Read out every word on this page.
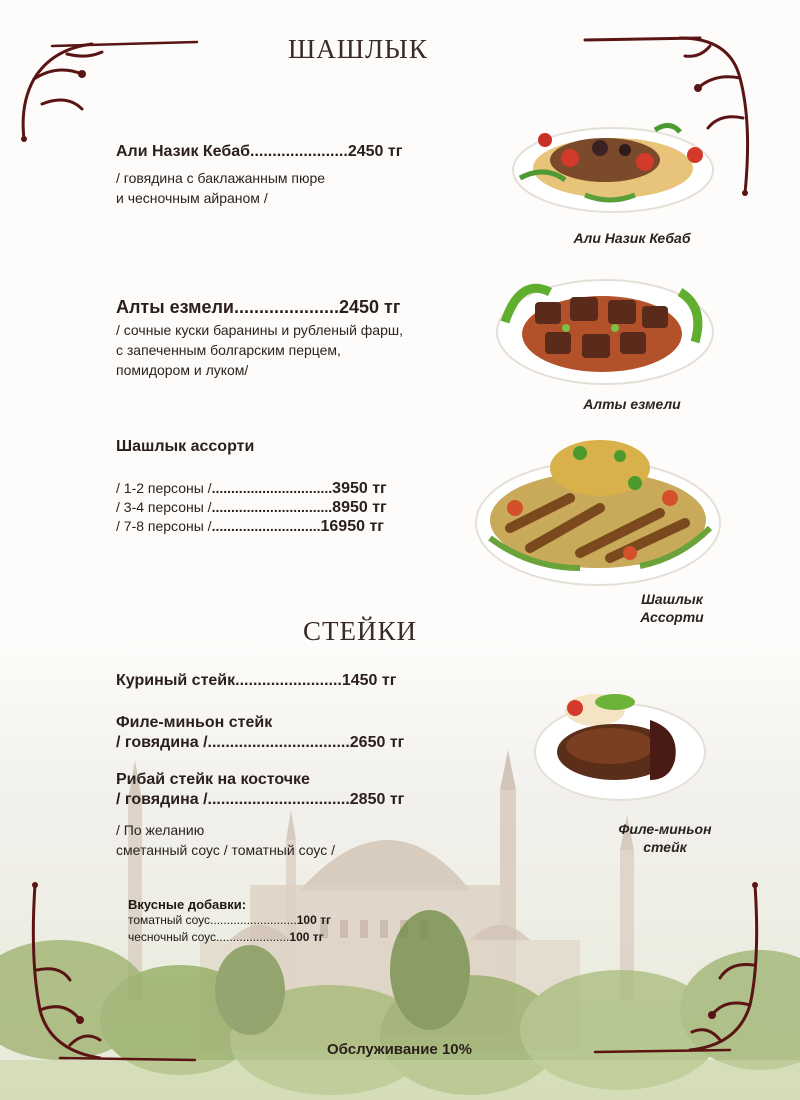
ШАШЛЫК
СТЕЙКИ
Али Назик Кебаб......................2450 тг
/ говядина с баклажанным пюре
и чесночным айраном /
Али Назик Кебаб
Алты езмели.....................2450 тг
/ сочные куски баранины и рубленый фарш,
с запеченным болгарским перцем,
помидором и луком/
Алты езмели
Шашлык ассорти
/ 1-2 персоны /...............................3950 тг
/ 3-4 персоны /...............................8950 тг
/ 7-8 персоны /............................16950 тг
Шашлык
Ассорти
Куриный стейк........................1450 тг
Филе-миньон стейк
/ говядина /................................2650 тг
Рибай стейк на косточке
/ говядина /................................2850 тг
/ По желанию
сметанный соус / томатный соус /
Вкусные добавки:
томатный соус..........................100 тг
чесночный соус......................100 тг
Филе-миньон
стейк
Обслуживание 10%
